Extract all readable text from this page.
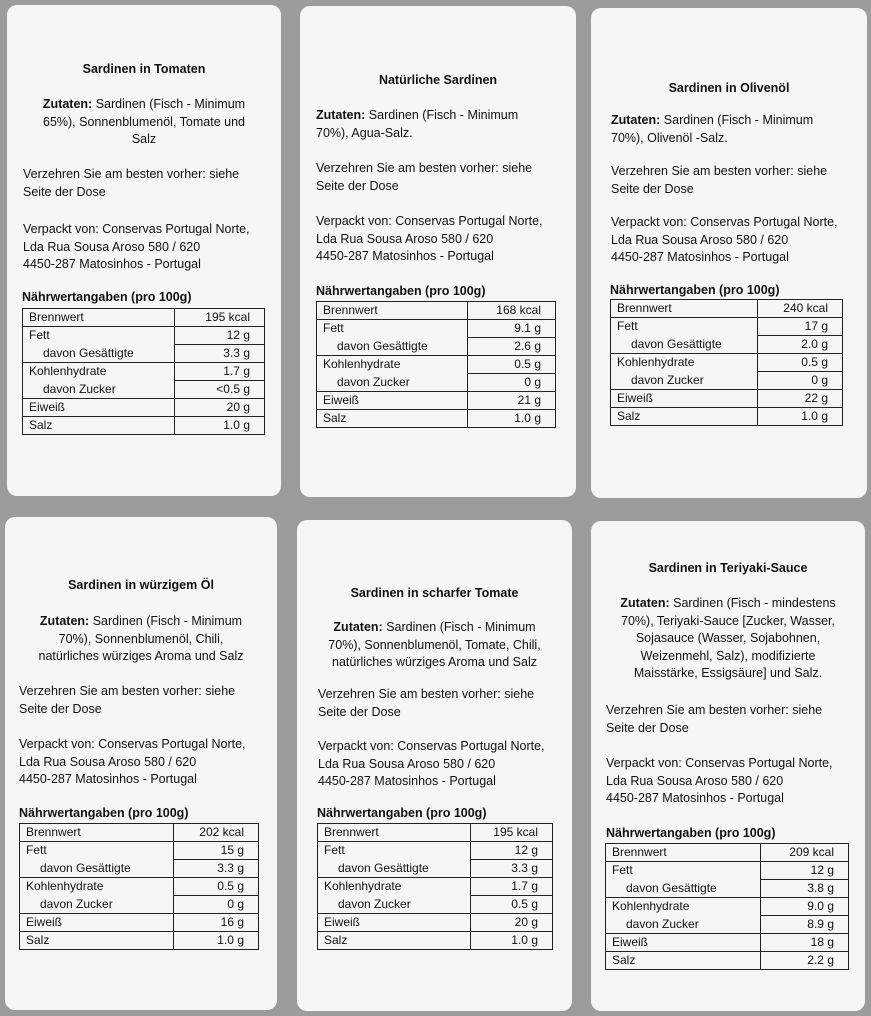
Sardinen in Tomaten
Zutaten: Sardinen (Fisch - Minimum
65%), Sonnenblumenöl, Tomate und
Salz
Verzehren Sie am besten vorher: siehe
Seite der Dose
Verpackt von: Conservas Portugal Norte,
Lda Rua Sousa Aroso 580 / 620
4450-287 Matosinhos - Portugal
Nährwertangaben (pro 100g)
Brennwert	195 kcal
Fett	12 g
davon Gesättigte	3.3 g
Kohlenhydrate	1.7 g
davon Zucker	<0.5 g
Eiweiß	20 g
Salz	1.0 g
Natürliche Sardinen
Zutaten: Sardinen (Fisch - Minimum
70%), Agua-Salz.
Verzehren Sie am besten vorher: siehe
Seite der Dose
Verpackt von: Conservas Portugal Norte,
Lda Rua Sousa Aroso 580 / 620
4450-287 Matosinhos - Portugal
Nährwertangaben (pro 100g)
Brennwert	168 kcal
Fett	9.1 g
davon Gesättigte	2.6 g
Kohlenhydrate	0.5 g
davon Zucker	0 g
Eiweiß	21 g
Salz	1.0 g
Sardinen in Olivenöl
Zutaten: Sardinen (Fisch - Minimum
70%), Olivenöl -Salz.
Verzehren Sie am besten vorher: siehe
Seite der Dose
Verpackt von: Conservas Portugal Norte,
Lda Rua Sousa Aroso 580 / 620
4450-287 Matosinhos - Portugal
Nährwertangaben (pro 100g)
Brennwert	240 kcal
Fett	17 g
davon Gesättigte	2.0 g
Kohlenhydrate	0.5 g
davon Zucker	0 g
Eiweiß	22 g
Salz	1.0 g
Sardinen in würzigem Öl
Zutaten: Sardinen (Fisch - Minimum
70%), Sonnenblumenöl, Chili,
natürliches würziges Aroma und Salz
Verzehren Sie am besten vorher: siehe
Seite der Dose
Verpackt von: Conservas Portugal Norte,
Lda Rua Sousa Aroso 580 / 620
4450-287 Matosinhos - Portugal
Nährwertangaben (pro 100g)
Brennwert	202 kcal
Fett	15 g
davon Gesättigte	3.3 g
Kohlenhydrate	0.5 g
davon Zucker	0 g
Eiweiß	16 g
Salz	1.0 g
Sardinen in scharfer Tomate
Zutaten: Sardinen (Fisch - Minimum
70%), Sonnenblumenöl, Tomate, Chili,
natürliches würziges Aroma und Salz
Verzehren Sie am besten vorher: siehe
Seite der Dose
Verpackt von: Conservas Portugal Norte,
Lda Rua Sousa Aroso 580 / 620
4450-287 Matosinhos - Portugal
Nährwertangaben (pro 100g)
Brennwert	195 kcal
Fett	12 g
davon Gesättigte	3.3 g
Kohlenhydrate	1.7 g
davon Zucker	0.5 g
Eiweiß	20 g
Salz	1.0 g
Sardinen in Teriyaki-Sauce
Zutaten: Sardinen (Fisch - mindestens
70%), Teriyaki-Sauce [Zucker, Wasser,
Sojasauce (Wasser, Sojabohnen,
Weizenmehl, Salz), modifizierte
Maisstärke, Essigsäure] und Salz.
Verzehren Sie am besten vorher: siehe
Seite der Dose
Verpackt von: Conservas Portugal Norte,
Lda Rua Sousa Aroso 580 / 620
4450-287 Matosinhos - Portugal
Nährwertangaben (pro 100g)
Brennwert	209 kcal
Fett	12 g
davon Gesättigte	3.8 g
Kohlenhydrate	9.0 g
davon Zucker	8.9 g
Eiweiß	18 g
Salz	2.2 g
